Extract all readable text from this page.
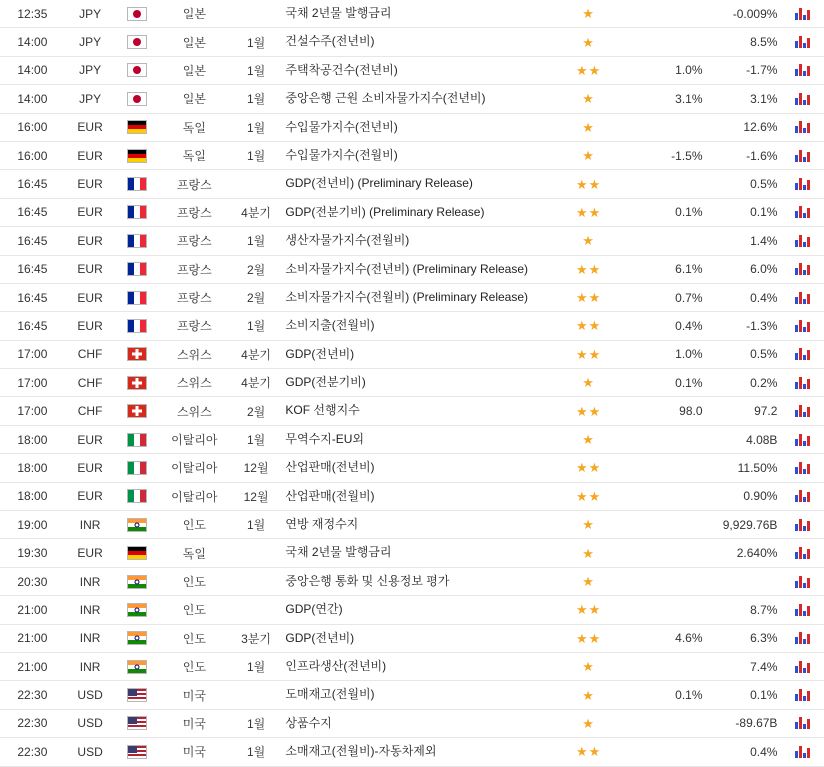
12:35	JPY		일본		국채 2년물 발행금리	★		-0.009%	

14:00	JPY		일본	1월	건설수주(전년비)	★		8.5%	

14:00	JPY		일본	1월	주택착공건수(전년비)	★★	1.0%	-1.7%	

14:00	JPY		일본	1월	중앙은행 근원 소비자물가지수(전년비)	★	3.1%	3.1%	

16:00	EUR		독일	1월	수입물가지수(전년비)	★		12.6%	

16:00	EUR		독일	1월	수입물가지수(전월비)	★	-1.5%	-1.6%	

16:45	EUR		프랑스		GDP(전년비) (Preliminary Release)	★★		0.5%	

16:45	EUR		프랑스	4분기	GDP(전분기비) (Preliminary Release)	★★	0.1%	0.1%	

16:45	EUR		프랑스	1월	생산자물가지수(전월비)	★		1.4%	

16:45	EUR		프랑스	2월	소비자물가지수(전년비) (Preliminary Release)	★★	6.1%	6.0%	

16:45	EUR		프랑스	2월	소비자물가지수(전월비) (Preliminary Release)	★★	0.7%	0.4%	

16:45	EUR		프랑스	1월	소비지출(전월비)	★★	0.4%	-1.3%	

17:00	CHF		스위스	4분기	GDP(전년비)	★★	1.0%	0.5%	

17:00	CHF		스위스	4분기	GDP(전분기비)	★	0.1%	0.2%	

17:00	CHF		스위스	2월	KOF 선행지수	★★	98.0	97.2	

18:00	EUR		이탈리아	1월	무역수지-EU외	★		4.08B	

18:00	EUR		이탈리아	12월	산업판매(전년비)	★★		11.50%	

18:00	EUR		이탈리아	12월	산업판매(전월비)	★★		0.90%	

19:00	INR		인도	1월	연방 재정수지	★		9,929.76B	

19:30	EUR		독일		국채 2년물 발행금리	★		2.640%	

20:30	INR		인도		중앙은행 통화 및 신용정보 평가	★			

21:00	INR		인도		GDP(연간)	★★		8.7%	

21:00	INR		인도	3분기	GDP(전년비)	★★	4.6%	6.3%	

21:00	INR		인도	1월	인프라생산(전년비)	★		7.4%	

22:30	USD		미국		도매재고(전월비)	★	0.1%	0.1%	

22:30	USD		미국	1월	상품수지	★		-89.67B	

22:30	USD		미국	1월	소매재고(전월비)-자동차제외	★★		0.4%	
